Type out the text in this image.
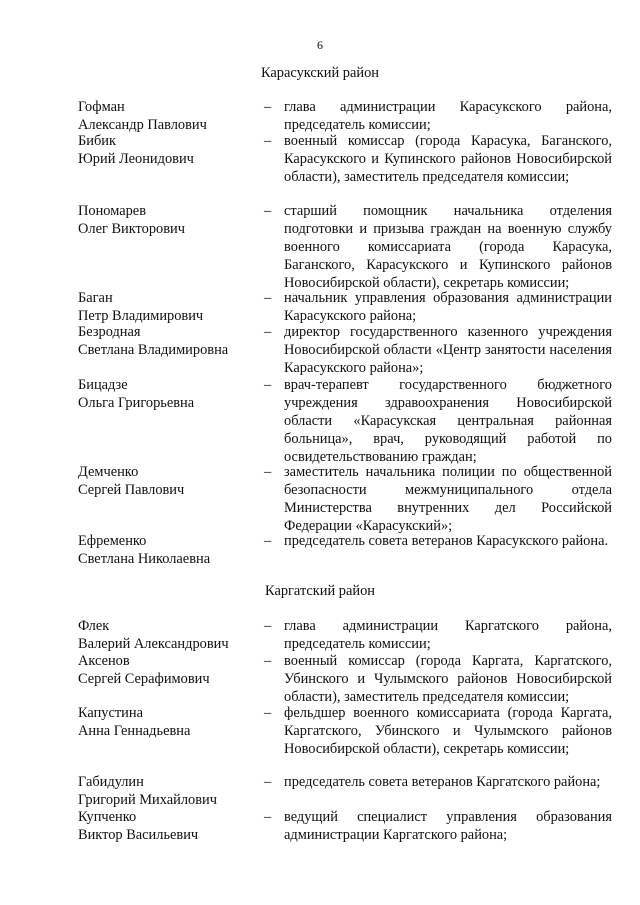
6
Карасукский район
Гофман
Александр Павлович
– глава администрации Карасукского района, председатель комиссии;
Бибик
Юрий Леонидович
– военный комиссар (города Карасука, Баганского, Карасукского и Купинского районов Новосибирской области), заместитель председателя комиссии;
Пономарев
Олег Викторович
– старший помощник начальника отделения подготовки и призыва граждан на военную службу военного комиссариата (города Карасука, Баганского, Карасукского и Купинского районов Новосибирской области), секретарь комиссии;
Баган
Петр Владимирович
– начальник управления образования администрации Карасукского района;
Безродная
Светлана Владимировна
– директор государственного казенного учреждения Новосибирской области «Центр занятости населения Карасукского района»;
Бицадзе
Ольга Григорьевна
– врач-терапевт государственного бюджетного учреждения здравоохранения Новосибирской области «Карасукская центральная районная больница», врач, руководящий работой по освидетельствованию граждан;
Демченко
Сергей Павлович
– заместитель начальника полиции по общественной безопасности межмуниципального отдела Министерства внутренних дел Российской Федерации «Карасукский»;
Ефременко
Светлана Николаевна
– председатель совета ветеранов Карасукского района.
Каргатский район
Флек
Валерий Александрович
– глава администрации Каргатского района, председатель комиссии;
Аксенов
Сергей Серафимович
– военный комиссар (города Каргата, Каргатского, Убинского и Чулымского районов Новосибирской области), заместитель председателя комиссии;
Капустина
Анна Геннадьевна
– фельдшер военного комиссариата (города Каргата, Каргатского, Убинского и Чулымского районов Новосибирской области), секретарь комиссии;
Габидулин
Григорий Михайлович
– председатель совета ветеранов Каргатского района;
Купченко
Виктор Васильевич
– ведущий специалист управления образования администрации Каргатского района;
